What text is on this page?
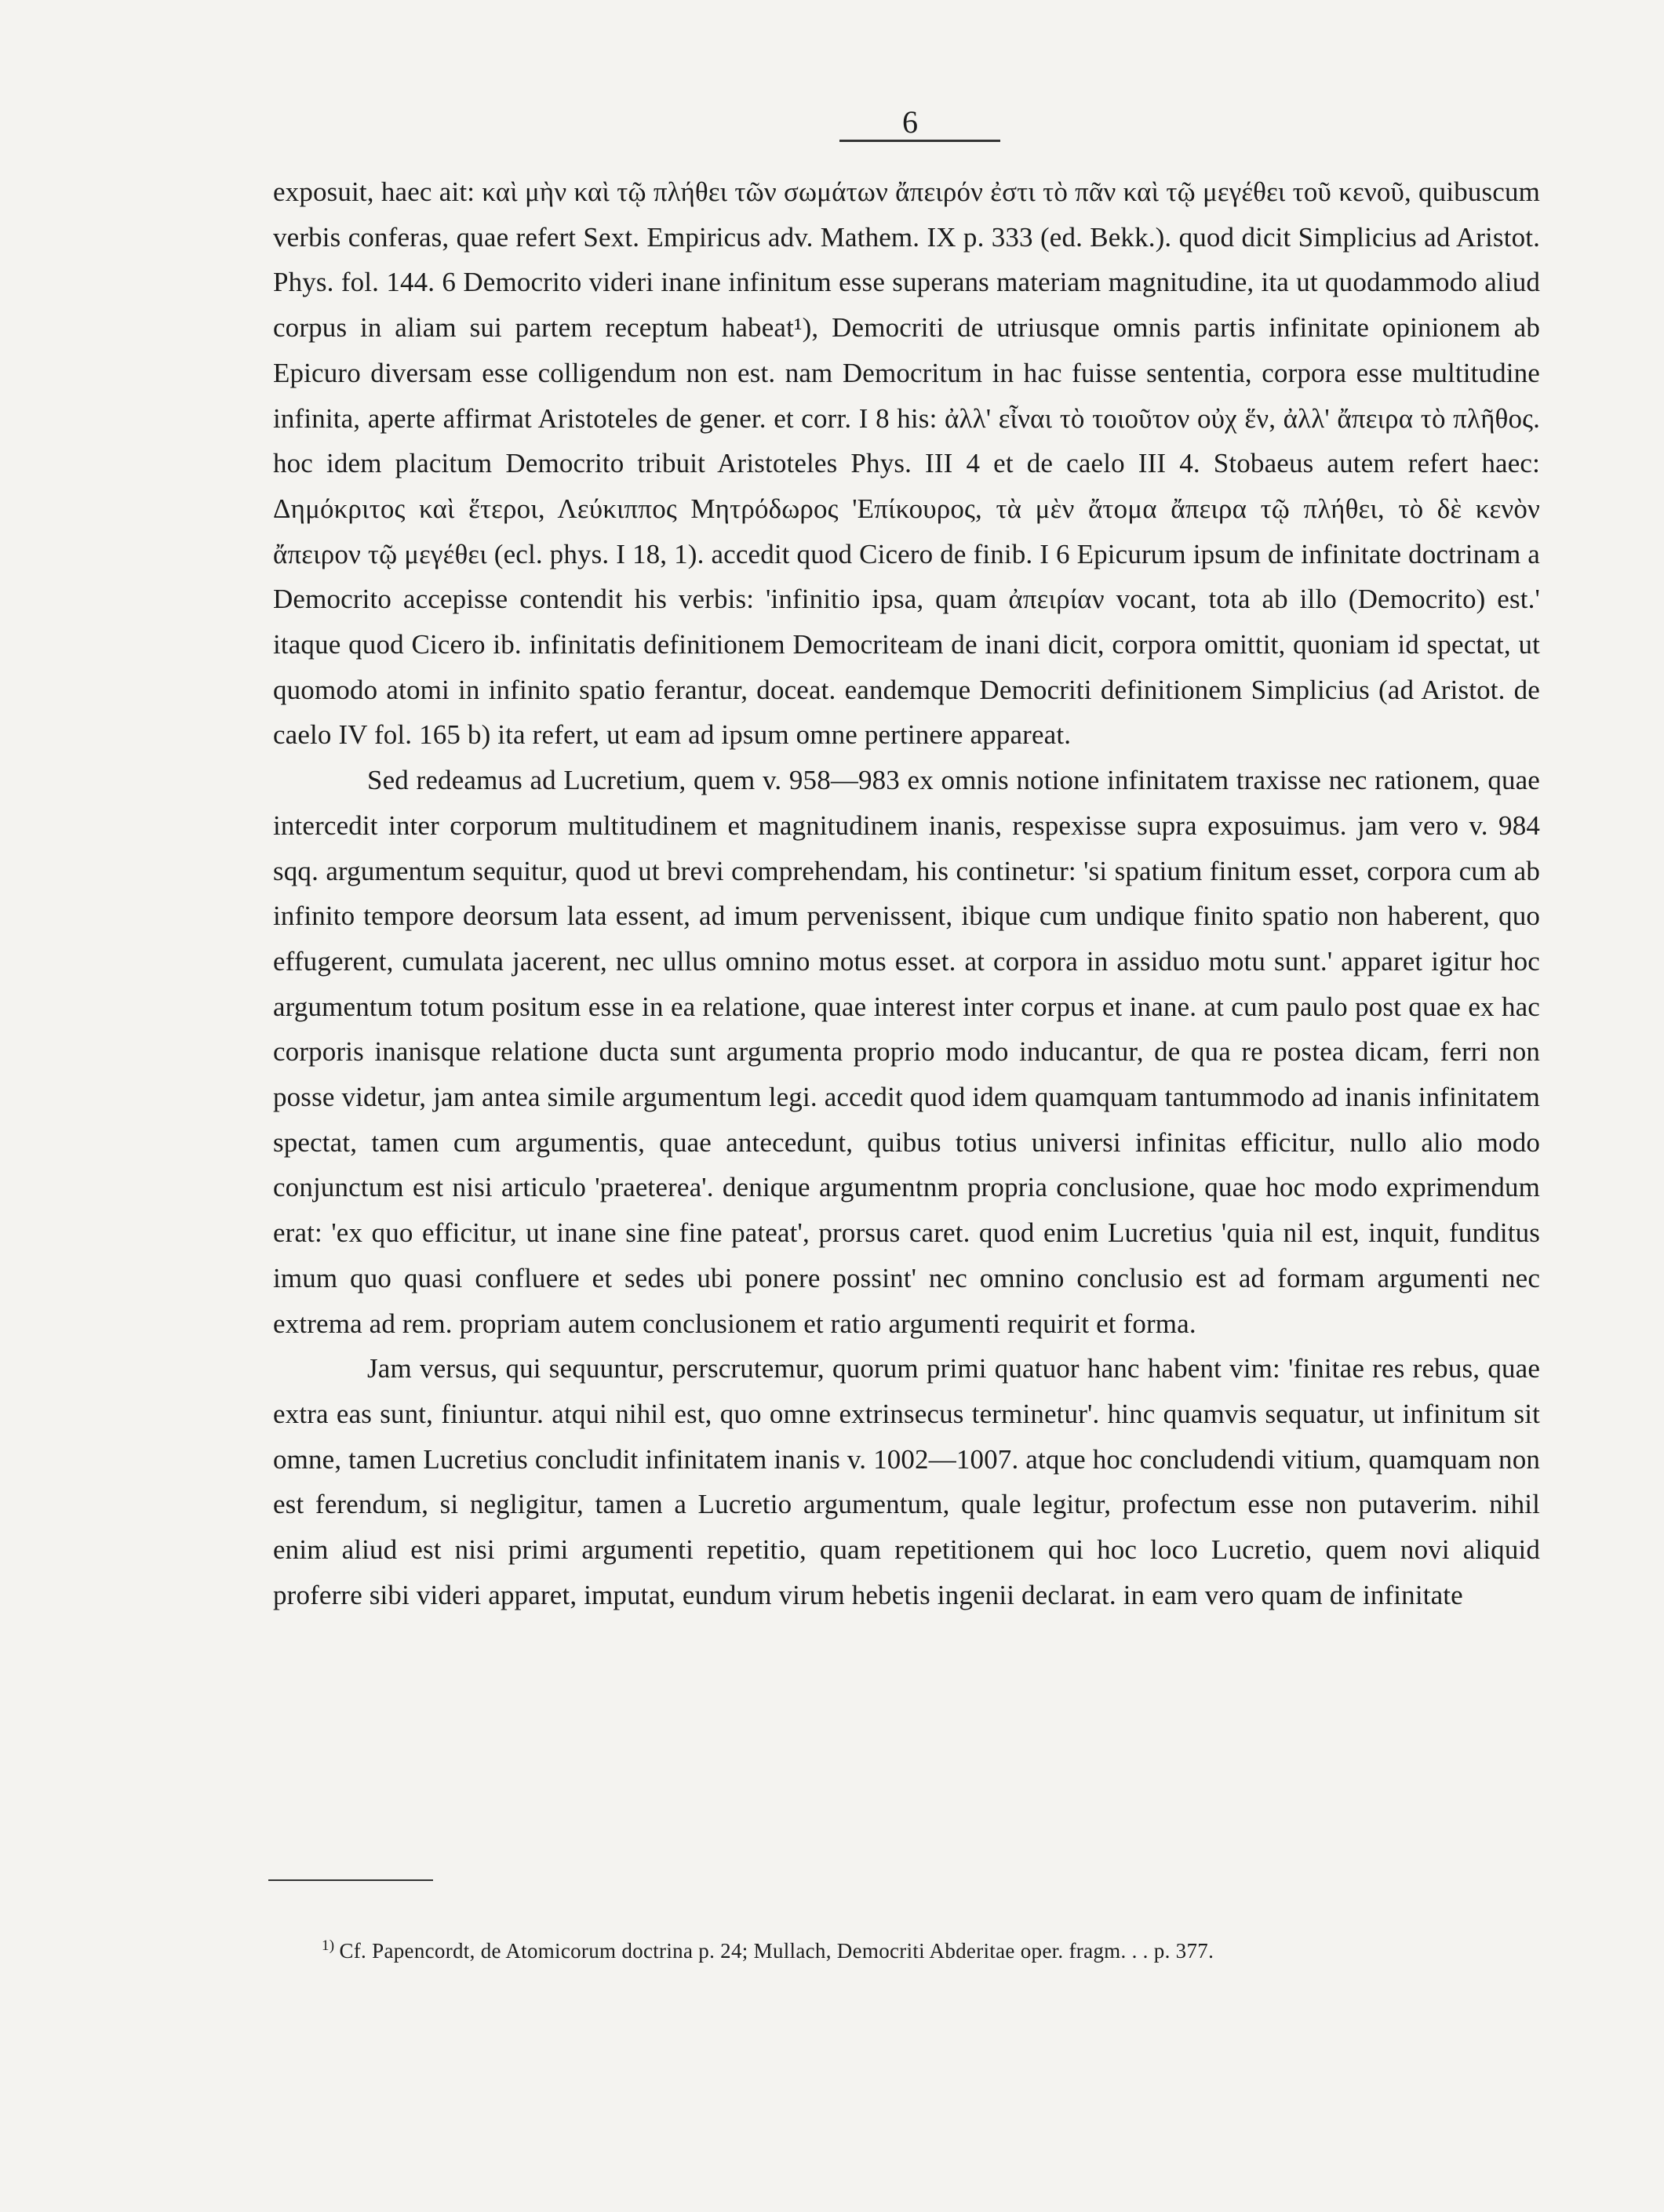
6

exposuit, haec ait: καὶ μὴν καὶ τῷ πλήθει τῶν σωμάτων ἄπειρόν ἐστι τὸ πᾶν καὶ τῷ μεγέθει τοῦ κενοῦ, quibuscum verbis conferas, quae refert Sext. Empiricus adv. Mathem. IX p. 333 (ed. Bekk.). quod dicit Simplicius ad Aristot. Phys. fol. 144. 6 Democrito videri inane infinitum esse superans materiam magnitudine, ita ut quodammodo aliud corpus in aliam sui partem receptum habeat¹), Democriti de utriusque omnis partis infinitate opinionem ab Epicuro diversam esse colligendum non est. nam Democritum in hac fuisse sententia, corpora esse multitudine infinita, aperte affirmat Aristoteles de gener. et corr. I 8 his: ἀλλ' εἶναι τὸ τοιοῦτον οὐχ ἕν, ἀλλ' ἄπειρα τὸ πλῆθος. hoc idem placitum Democrito tribuit Aristoteles Phys. III 4 et de caelo III 4. Stobaeus autem refert haec: Δημόκριτος καὶ ἕτεροι, Λεύκιππος Μητρόδωρος 'Επίκουρος, τὰ μὲν ἄτομα ἄπειρα τῷ πλήθει, τὸ δὲ κενὸν ἄπειρον τῷ μεγέθει (ecl. phys. I 18, 1). accedit quod Cicero de finib. I 6 Epicurum ipsum de infinitate doctrinam a Democrito accepisse contendit his verbis: 'infinitio ipsa, quam ἀπειρίαν vocant, tota ab illo (Democrito) est.' itaque quod Cicero ib. infinitatis definitionem Democriteam de inani dicit, corpora omittit, quoniam id spectat, ut quomodo atomi in infinito spatio ferantur, doceat. eandemque Democriti definitionem Simplicius (ad Aristot. de caelo IV fol. 165 b) ita refert, ut eam ad ipsum omne pertinere appareat.

Sed redeamus ad Lucretium, quem v. 958—983 ex omnis notione infinitatem traxisse nec rationem, quae intercedit inter corporum multitudinem et magnitudinem inanis, respexisse supra exposuimus. jam vero v. 984 sqq. argumentum sequitur, quod ut brevi comprehendam, his continetur: 'si spatium finitum esset, corpora cum ab infinito tempore deorsum lata essent, ad imum pervenissent, ibique cum undique finito spatio non haberent, quo effugerent, cumulata jacerent, nec ullus omnino motus esset. at corpora in assiduo motu sunt.' apparet igitur hoc argumentum totum positum esse in ea relatione, quae interest inter corpus et inane. at cum paulo post quae ex hac corporis inanisque relatione ducta sunt argumenta proprio modo inducantur, de qua re postea dicam, ferri non posse videtur, jam antea simile argumentum legi. accedit quod idem quamquam tantummodo ad inanis infinitatem spectat, tamen cum argumentis, quae antecedunt, quibus totius universi infinitas efficitur, nullo alio modo conjunctum est nisi articulo 'praeterea'. denique argumentnm propria conclusione, quae hoc modo exprimendum erat: 'ex quo efficitur, ut inane sine fine pateat', prorsus caret. quod enim Lucretius 'quia nil est, inquit, funditus imum quo quasi confluere et sedes ubi ponere possint' nec omnino conclusio est ad formam argumenti nec extrema ad rem. propriam autem conclusionem et ratio argumenti requirit et forma.

Jam versus, qui sequuntur, perscrutemur, quorum primi quatuor hanc habent vim: 'finitae res rebus, quae extra eas sunt, finiuntur. atqui nihil est, quo omne extrinsecus terminetur'. hinc quamvis sequatur, ut infinitum sit omne, tamen Lucretius concludit infinitatem inanis v. 1002—1007. atque hoc concludendi vitium, quamquam non est ferendum, si negligitur, tamen a Lucretio argumentum, quale legitur, profectum esse non putaverim. nihil enim aliud est nisi primi argumenti repetitio, quam repetitionem qui hoc loco Lucretio, quem novi aliquid proferre sibi videri apparet, imputat, eundum virum hebetis ingenii declarat. in eam vero quam de infinitate

$^{1)}$ Cf. Papencordt, de Atomicorum doctrina p. 24; Mullach, Democriti Abderitae oper. fragm. . . p. 377.
